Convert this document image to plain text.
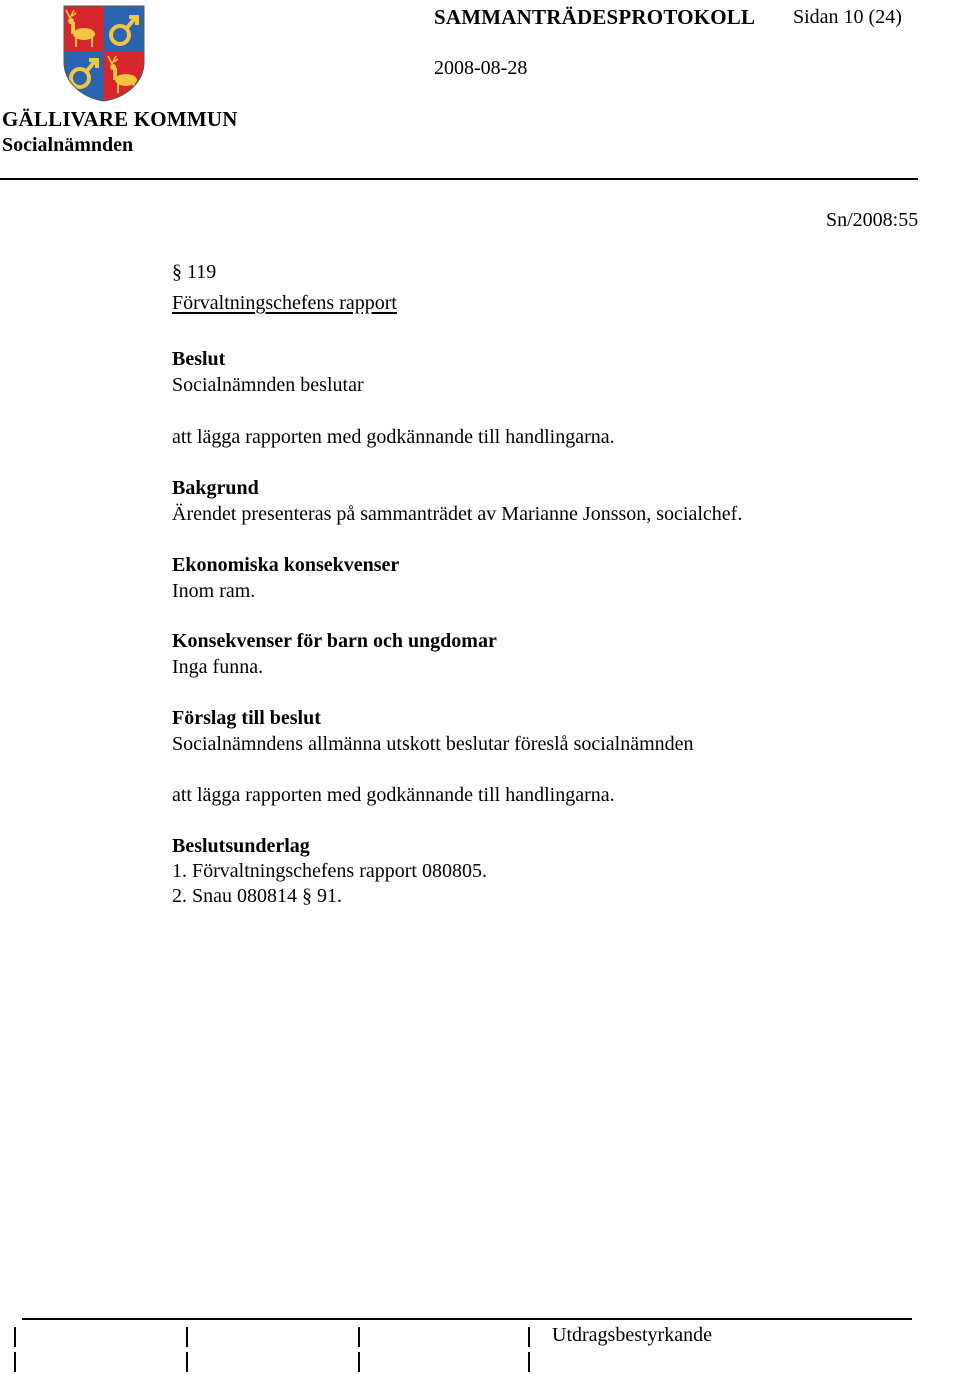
GÄLLIVARE KOMMUN
Socialnämnden
SAMMANTRÄDESPROTOKOLL Sidan 10 (24)
2008-08-28
Sn/2008:55
§ 119
Förvaltningschefens rapport
Beslut
Socialnämnden beslutar
att lägga rapporten med godkännande till handlingarna.
Bakgrund
Ärendet presenteras på sammanträdet av Marianne Jonsson, socialchef.
Ekonomiska konsekvenser
Inom ram.
Konsekvenser för barn och ungdomar
Inga funna.
Förslag till beslut
Socialnämndens allmänna utskott beslutar föreslå socialnämnden
att lägga rapporten med godkännande till handlingarna.
Beslutsunderlag
1. Förvaltningschefens rapport 080805.
2. Snau 080814 § 91.
Utdragsbestyrkande
